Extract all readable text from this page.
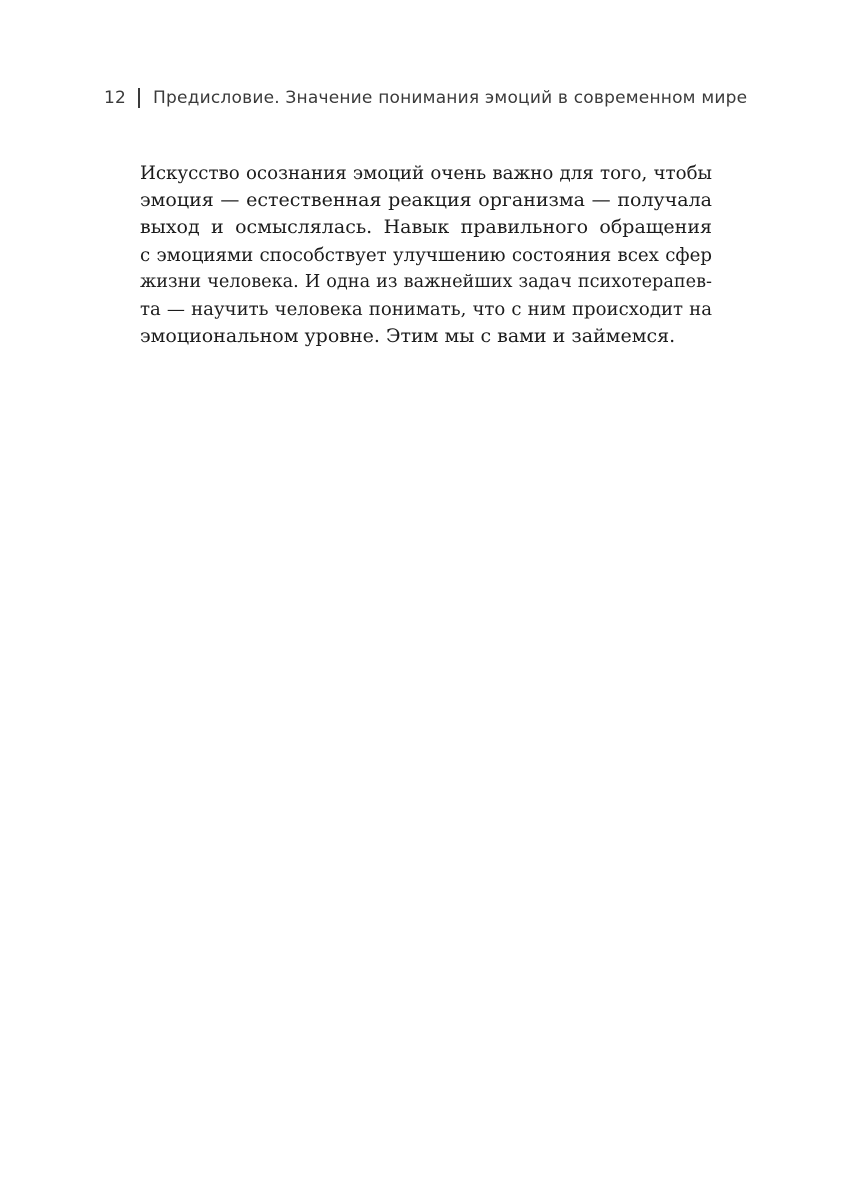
12 Предисловие. Значение понимания эмоций в современном мире
Искусство осознания эмоций очень важно для того, чтобы
эмоция — естественная реакция организма — получала
выход и осмыслялась. Навык правильного обращения
с эмоциями способствует улучшению состояния всех сфер
жизни человека. И одна из важнейших задач психотерапев-
та — научить человека понимать, что с ним происходит на
эмоциональном уровне. Этим мы с вами и займемся.
